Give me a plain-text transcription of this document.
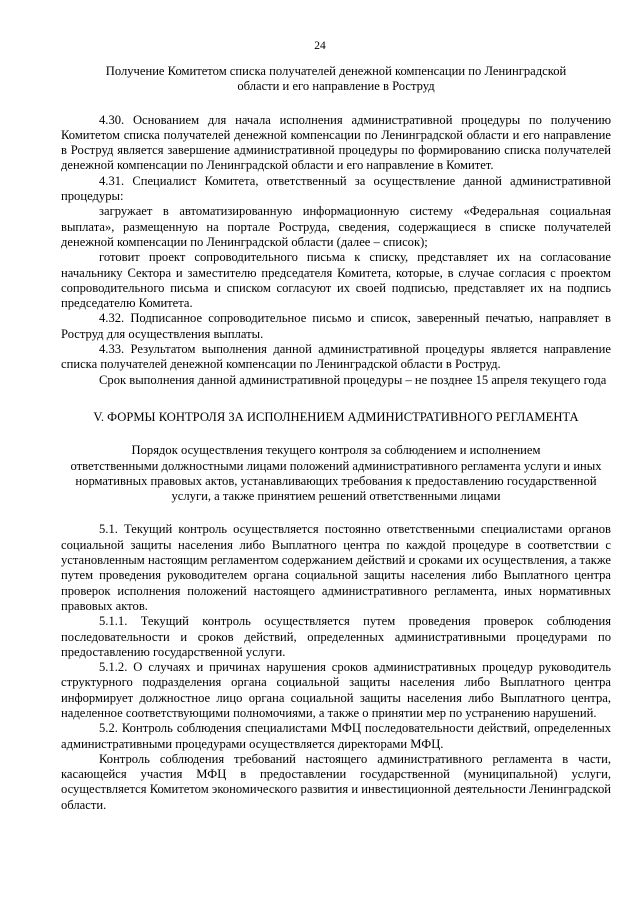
24
Получение Комитетом списка получателей денежной компенсации по Ленинградской
области и его направление в Роструд

4.30. Основанием для начала исполнения административной процедуры по получению Комитетом списка получателей денежной компенсации по Ленинградской области и его направление в Роструд является завершение административной процедуры по формированию списка получателей денежной компенсации по Ленинградской области и его направление в Комитет.

4.31. Специалист Комитета, ответственный за осуществление данной административной процедуры:

загружает в автоматизированную информационную систему «Федеральная социальная выплата», размещенную на портале Роструда, сведения, содержащиеся в списке получателей денежной компенсации по Ленинградской области (далее – список);

готовит проект сопроводительного письма к списку, представляет их на согласование начальнику Сектора и заместителю председателя Комитета, которые, в случае согласия с проектом сопроводительного письма и списком согласуют их своей подписью, представляет их на подпись председателю Комитета.

4.32. Подписанное сопроводительное письмо и список, заверенный печатью, направляет в Роструд для осуществления выплаты.

4.33. Результатом выполнения данной административной процедуры является направление списка получателей денежной компенсации по Ленинградской области в Роструд.

Срок выполнения данной административной процедуры – не позднее 15 апреля текущего года

V. ФОРМЫ КОНТРОЛЯ ЗА ИСПОЛНЕНИЕМ АДМИНИСТРАТИВНОГО РЕГЛАМЕНТА
Порядок осуществления текущего контроля за соблюдением и исполнением
ответственными должностными лицами положений административного регламента услуги и иных
нормативных правовых актов, устанавливающих требования к предоставлению государственной
услуги, а также принятием решений ответственными лицами

5.1. Текущий контроль осуществляется постоянно ответственными специалистами органов социальной защиты населения либо Выплатного центра по каждой процедуре в соответствии с установленным настоящим регламентом содержанием действий и сроками их осуществления, а также путем проведения руководителем органа социальной защиты населения либо Выплатного центра проверок исполнения положений настоящего административного регламента, иных нормативных правовых актов.

5.1.1. Текущий контроль осуществляется путем проведения проверок соблюдения последовательности и сроков действий, определенных административными процедурами по предоставлению государственной услуги.

5.1.2. О случаях и причинах нарушения сроков административных процедур руководитель структурного подразделения органа социальной защиты населения либо Выплатного центра информирует должностное лицо органа социальной защиты населения либо Выплатного центра, наделенное соответствующими полномочиями, а также о принятии мер по устранению нарушений.

5.2. Контроль соблюдения специалистами МФЦ последовательности действий, определенных административными процедурами осуществляется директорами МФЦ.

Контроль соблюдения требований настоящего административного регламента в части, касающейся участия МФЦ в предоставлении государственной (муниципальной) услуги, осуществляется Комитетом экономического развития и инвестиционной деятельности Ленинградской области.
